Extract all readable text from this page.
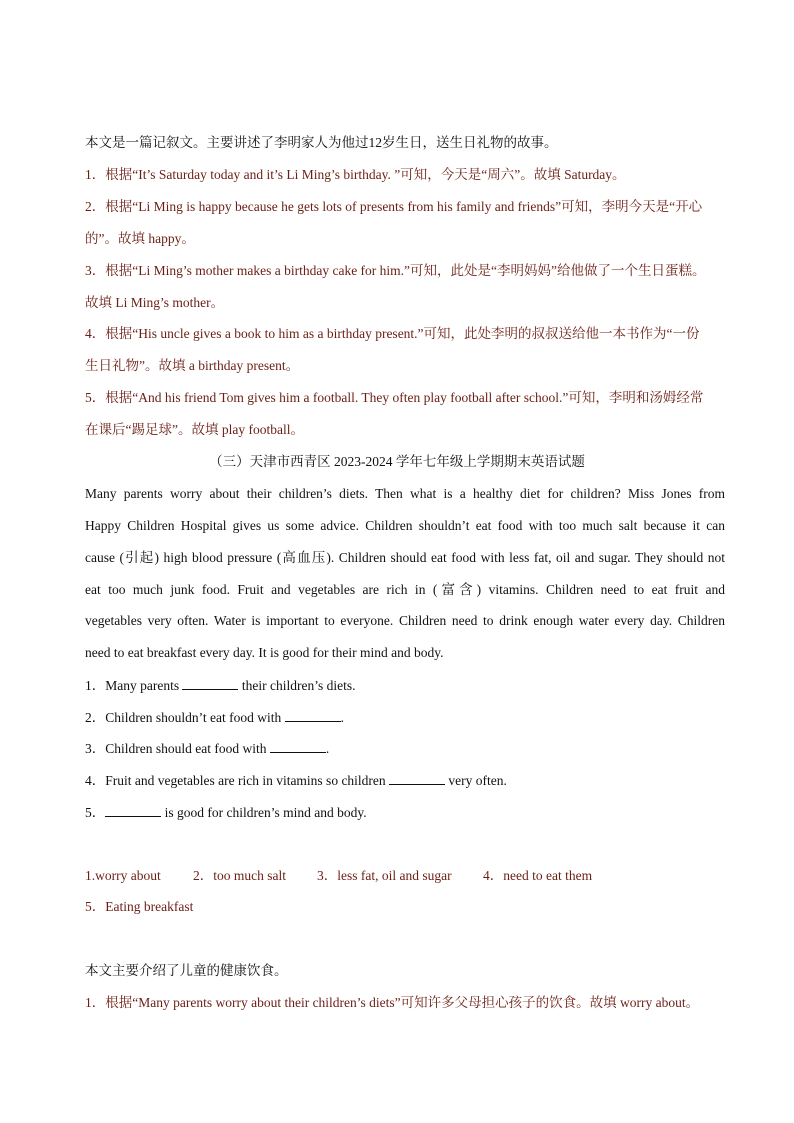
本文是一篇记叙文。主要讲述了李明家人为他过12岁生日，送生日礼物的故事。
1．根据“It’s Saturday today and it’s Li Ming’s birthday. ”可知，今天是“周六”。故填 Saturday。
2．根据“Li Ming is happy because he gets lots of presents from his family and friends”可知，李明今天是“开心
的”。故填 happy。
3．根据“Li Ming’s mother makes a birthday cake for him.”可知，此处是“李明妈妈”给他做了一个生日蛋糕。
故填 Li Ming’s mother。
4．根据“His uncle gives a book to him as a birthday present.”可知，此处李明的叔叔送给他一本书作为“一份
生日礼物”。故填 a birthday present。
5．根据“And his friend Tom gives him a football. They often play football after school.”可知，李明和汤姆经常
在课后“踢足球”。故填 play football。
（三）天津市西青区 2023-2024 学年七年级上学期期末英语试题
Many parents worry about their children’s diets. Then what is a healthy diet for children? Miss Jones from
Happy Children Hospital gives us some advice. Children shouldn’t eat food with too much salt because it can
cause (引起) high blood pressure (高血压). Children should eat food with less fat, oil and sugar. They should not
eat too much junk food. Fruit and vegetables are rich in (富含) vitamins. Children need to eat fruit and
vegetables very often. Water is important to everyone. Children need to drink enough water every day. Children
need to eat breakfast every day. It is good for their mind and body.
1．Many parents	their children’s diets.
2．Children shouldn’t eat food with	.
3．Children should eat food with	.
4．Fruit and vegetables are rich in vitamins so children	very often.
5．	is good for children’s mind and body.
1.worry about 2．too much salt 3．less fat, oil and sugar 4．need to eat them
5．Eating breakfast
本文主要介绍了儿童的健康饮食。
1．根据“Many parents worry about their children’s diets”可知许多父母担心孩子的饮食。故填 worry about。
